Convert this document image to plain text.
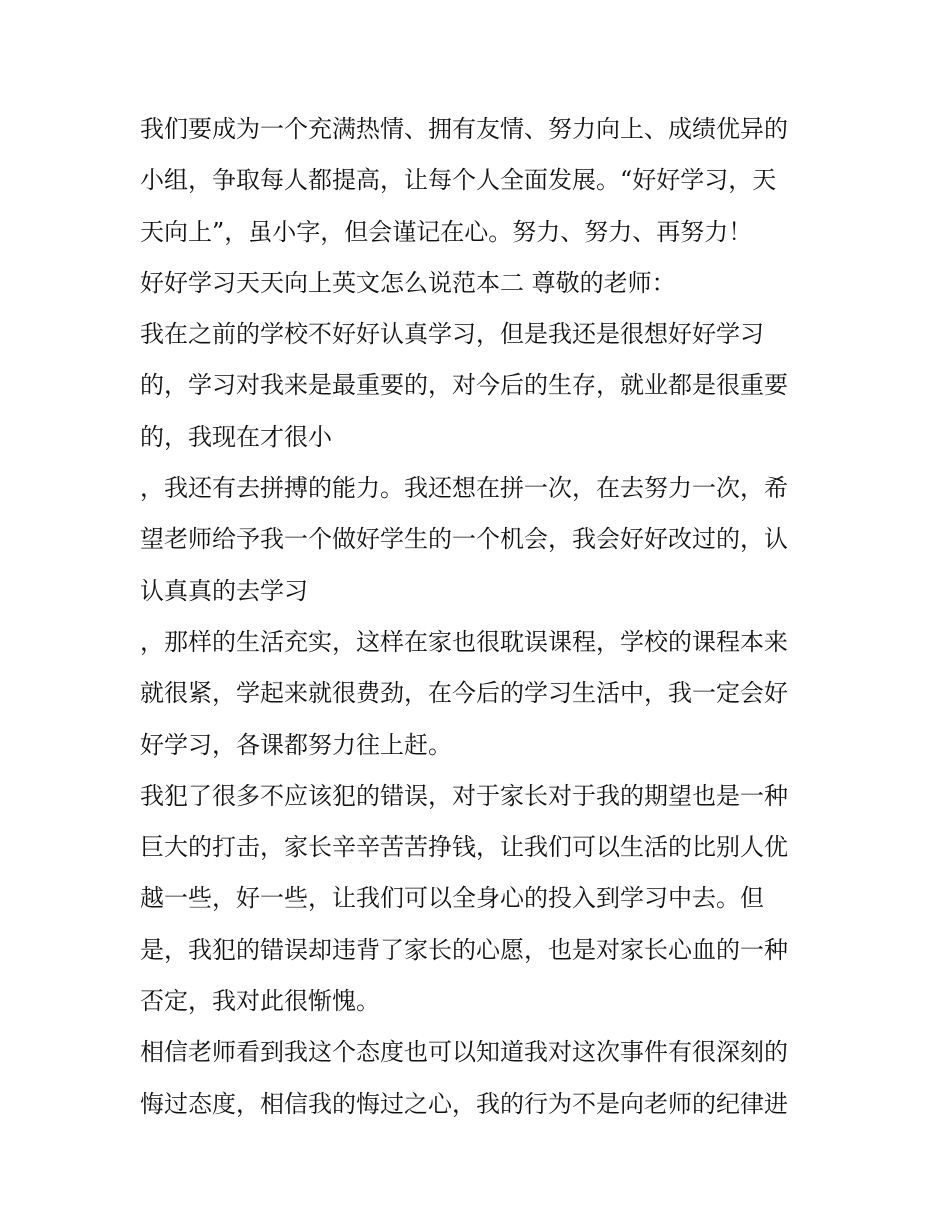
我们要成为一个充满热情、拥有友情、努力向上、成绩优异的
小组，争取每人都提高，让每个人全面发展。“好好学习，天
天向上”，虽小字，但会谨记在心。努力、努力、再努力！
好好学习天天向上英文怎么说范本二 尊敬的老师：
我在之前的学校不好好认真学习，但是我还是很想好好学习
的，学习对我来是最重要的，对今后的生存，就业都是很重要
的，我现在才很小
，我还有去拼搏的能力。我还想在拼一次，在去努力一次，希
望老师给予我一个做好学生的一个机会，我会好好改过的，认
认真真的去学习
，那样的生活充实，这样在家也很耽误课程，学校的课程本来
就很紧，学起来就很费劲，在今后的学习生活中，我一定会好
好学习，各课都努力往上赶。
我犯了很多不应该犯的错误，对于家长对于我的期望也是一种
巨大的打击，家长辛辛苦苦挣钱，让我们可以生活的比别人优
越一些，好一些，让我们可以全身心的投入到学习中去。但
是，我犯的错误却违背了家长的心愿，也是对家长心血的一种
否定，我对此很惭愧。
相信老师看到我这个态度也可以知道我对这次事件有很深刻的
悔过态度，相信我的悔过之心，我的行为不是向老师的纪律进
